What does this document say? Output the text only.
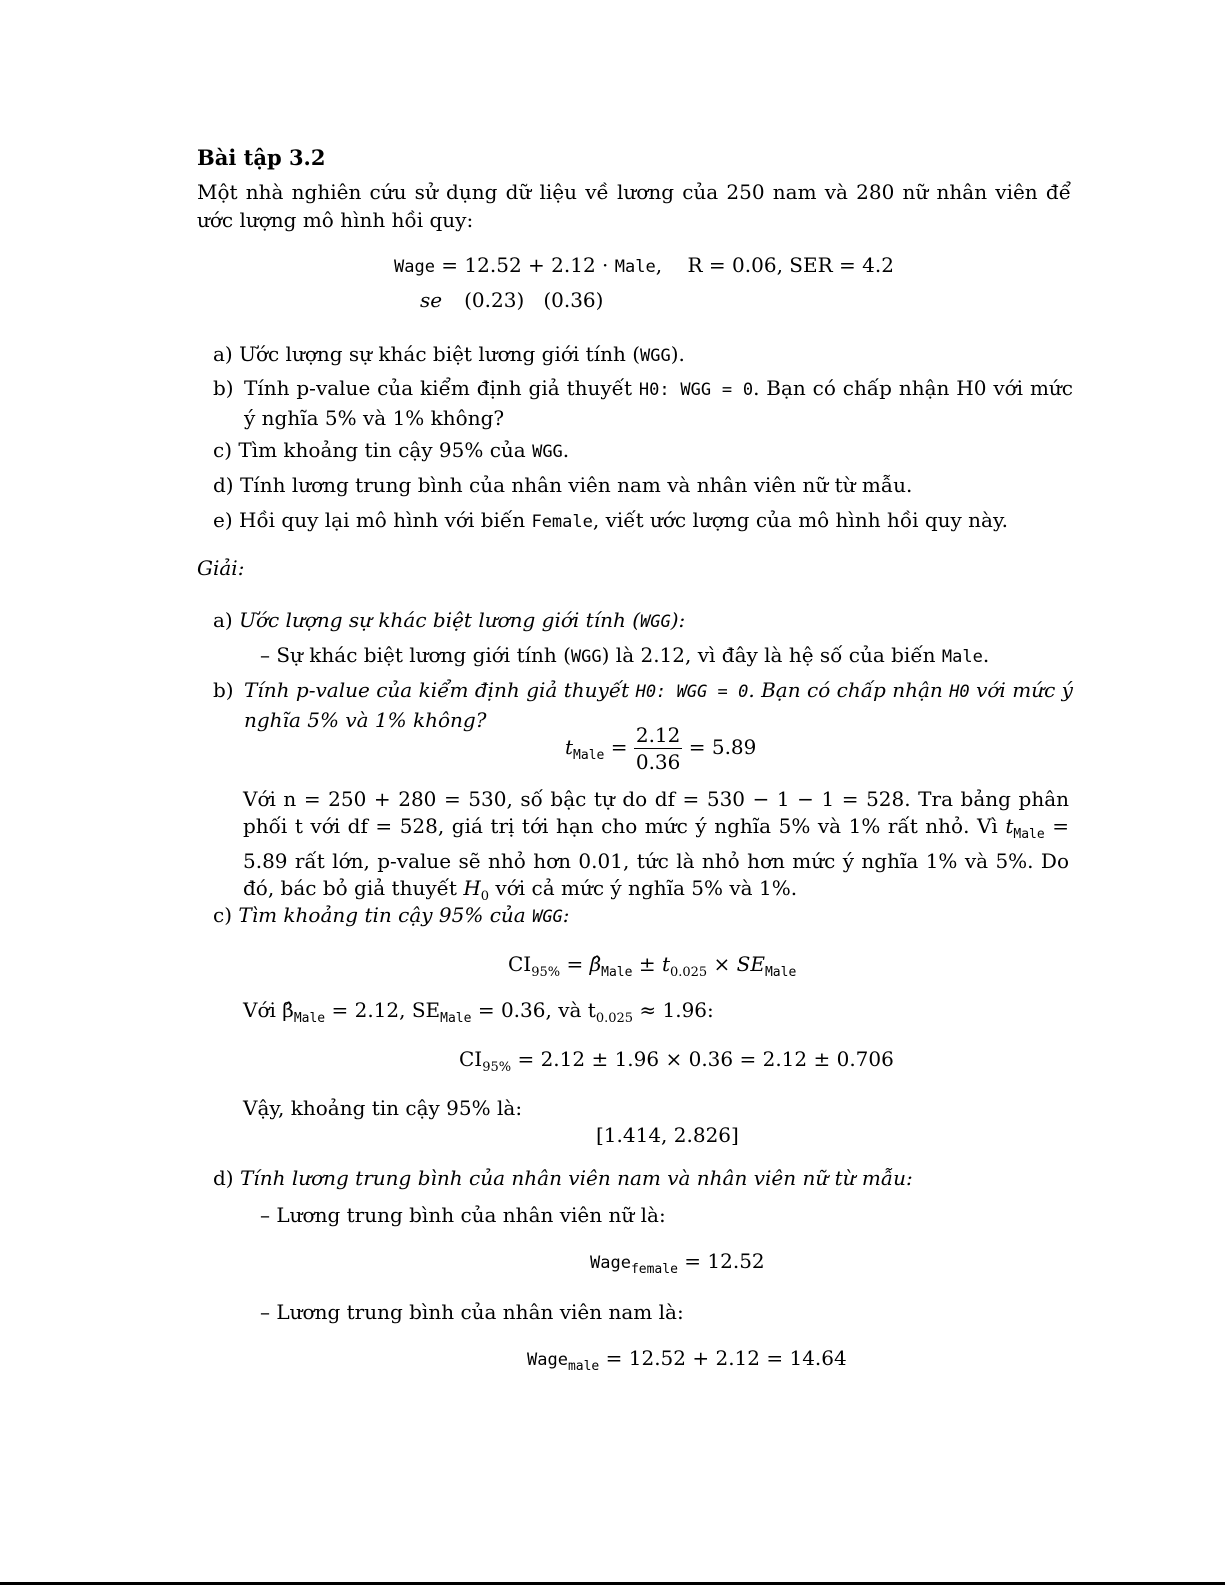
Bài tập 3.2
Một nhà nghiên cứu sử dụng dữ liệu về lương của 250 nam và 280 nữ nhân viên để ước lượng mô hình hồi quy:
Wage = 12.52 + 2.12 · Male,    R = 0.06, SER = 4.2
se (0.23)   (0.36)
a) Ước lượng sự khác biệt lương giới tính (WGG).
b) Tính p-value của kiểm định giả thuyết H0: WGG = 0. Bạn có chấp nhận H0 với mức ý nghĩa 5% và 1% không?
c) Tìm khoảng tin cậy 95% của WGG.
d) Tính lương trung bình của nhân viên nam và nhân viên nữ từ mẫu.
e) Hồi quy lại mô hình với biến Female, viết ước lượng của mô hình hồi quy này.
Giải:
a) Ước lượng sự khác biệt lương giới tính (WGG):
– Sự khác biệt lương giới tính (WGG) là 2.12, vì đây là hệ số của biến Male.
b) Tính p-value của kiểm định giả thuyết H0: WGG = 0. Bạn có chấp nhận H0 với mức ý nghĩa 5% và 1% không?
$t_{Male} = \frac{2.12}{0.36} = 5.89$
Với n = 250 + 280 = 530, số bậc tự do df = 530 − 1 − 1 = 528. Tra bảng phân phối t với df = 528, giá trị tới hạn cho mức ý nghĩa 5% và 1% rất nhỏ. Vì $t_{Male} = 5.89$ rất lớn, p-value sẽ nhỏ hơn 0.01, tức là nhỏ hơn mức ý nghĩa 1% và 5%. Do đó, bác bỏ giả thuyết $H_0$ với cả mức ý nghĩa 5% và 1%.
c) Tìm khoảng tin cậy 95% của WGG:
$CI_{95\%}$ = $\betâ_{Male} \pm t_{0.025} \times SE_{Male}$
Với $\betâ_{Male} = 2.12$, $SE_{Male} = 0.36$, và $t_{0.025} \approx 1.96$:
$CI_{95\%} = 2.12 \pm 1.96 \times 0.36 = 2.12 \pm 0.706$
Vậy, khoảng tin cậy 95% là:
[1.414, 2.826]
d) Tính lương trung bình của nhân viên nam và nhân viên nữ từ mẫu:
– Lương trung bình của nhân viên nữ là:
Wage$_{female}$ = 12.52
– Lương trung bình của nhân viên nam là:
Wage$_{male}$ = 12.52 + 2.12 = 14.64
